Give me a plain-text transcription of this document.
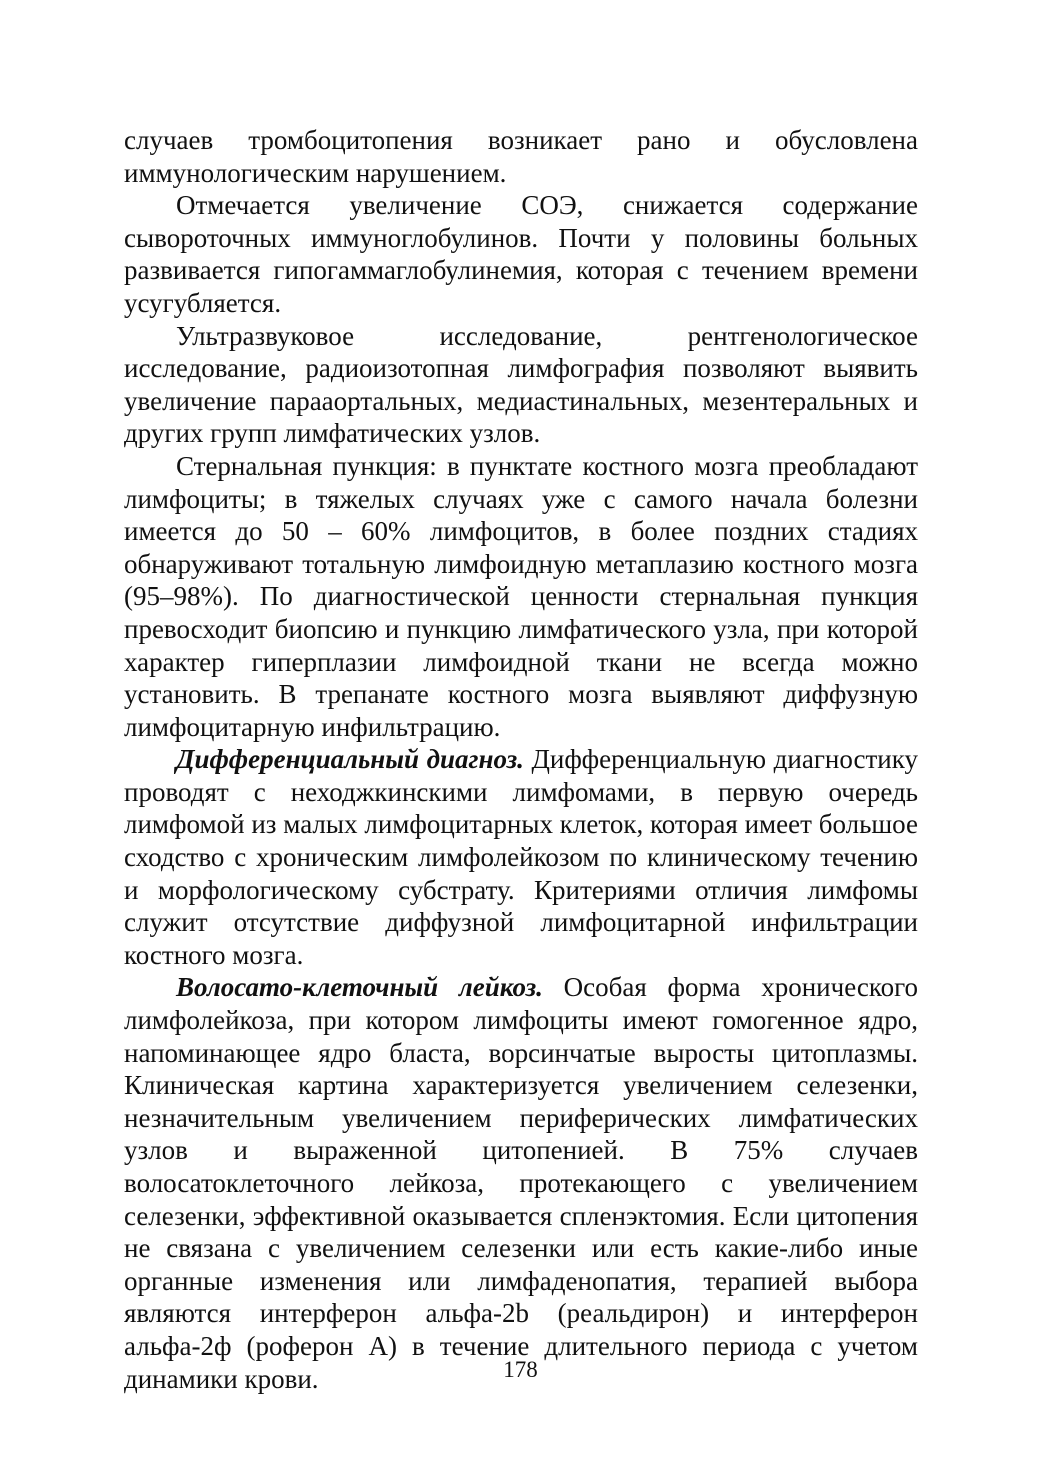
случаев тромбоцитопения возникает рано и обусловлена иммунологическим нарушением.

Отмечается увеличение СОЭ, снижается содержание сывороточных иммуноглобулинов. Почти у половины больных развивается гипогаммаглобулинемия, которая с течением времени усугубляется.

Ультразвуковое исследование, рентгенологическое исследование, радиоизотопная лимфография позволяют выявить увеличение парааортальных, медиастинальных, мезентеральных и других групп лимфатических узлов.

Стернальная пункция: в пунктате костного мозга преобладают лимфоциты; в тяжелых случаях уже с самого начала болезни имеется до 50 – 60% лимфоцитов, в более поздних стадиях обнаруживают тотальную лимфоидную метаплазию костного мозга (95–98%). По диагностической ценности стернальная пункция превосходит биопсию и пункцию лимфатического узла, при которой характер гиперплазии лимфоидной ткани не всегда можно установить. В трепанате костного мозга выявляют диффузную лимфоцитарную инфильтрацию.

Дифференциальный диагноз. Дифференциальную диагностику проводят с неходжкинскими лимфомами, в первую очередь лимфомой из малых лимфоцитарных клеток, которая имеет большое сходство с хроническим лимфолейкозом по клиническому течению и морфологическому субстрату. Критериями отличия лимфомы служит отсутствие диффузной лимфоцитарной инфильтрации костного мозга.

Волосато-клеточный лейкоз. Особая форма хронического лимфолейкоза, при котором лимфоциты имеют гомогенное ядро, напоминающее ядро бласта, ворсинчатые выросты цитоплазмы. Клиническая картина характеризуется увеличением селезенки, незначительным увеличением периферических лимфатических узлов и выраженной цитопенией. В 75% случаев волосатоклеточного лейкоза, протекающего с увеличением селезенки, эффективной оказывается спленэктомия. Если цитопения не связана с увеличением селезенки или есть какие-либо иные органные изменения или лимфаденопатия, терапией выбора являются интерферон альфа-2b (реальдирон) и интерферон альфа-2ф (роферон А) в течение длительного периода с учетом динамики крови.	178
